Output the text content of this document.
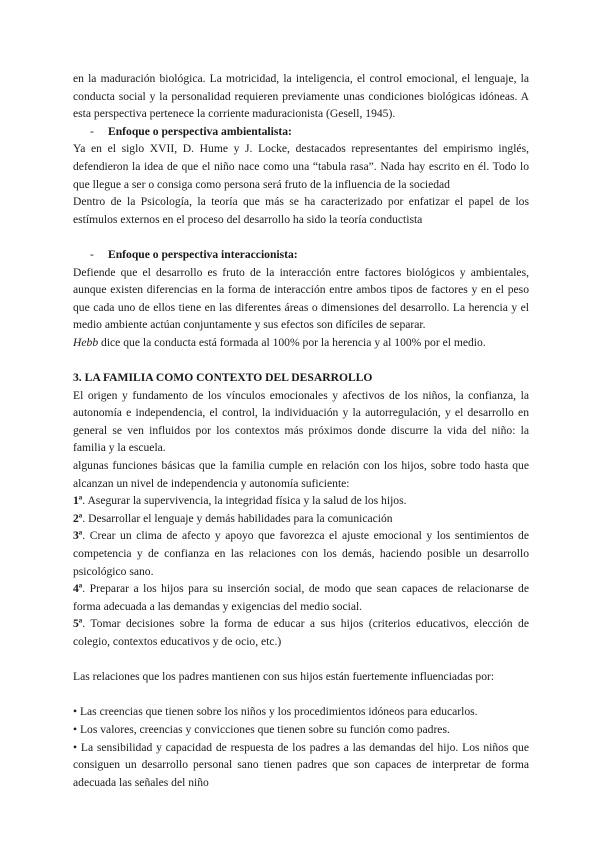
en la maduración biológica. La motricidad, la inteligencia, el control emocional, el lenguaje, la conducta social y la personalidad requieren previamente unas condiciones biológicas idóneas. A esta perspectiva pertenece la corriente maduracionista (Gesell, 1945).

- Enfoque o perspectiva ambientalista:

Ya en el siglo XVII, D. Hume y J. Locke, destacados representantes del empirismo inglés, defendieron la idea de que el niño nace como una “tabula rasa”. Nada hay escrito en él. Todo lo que llegue a ser o consiga como persona será fruto de la influencia de la sociedad

Dentro de la Psicología, la teoría que más se ha caracterizado por enfatizar el papel de los estímulos externos en el proceso del desarrollo ha sido la teoría conductista

- Enfoque o perspectiva interaccionista:

Defiende que el desarrollo es fruto de la interacción entre factores biológicos y ambientales, aunque existen diferencias en la forma de interacción entre ambos tipos de factores y en el peso que cada uno de ellos tiene en las diferentes áreas o dimensiones del desarrollo. La herencia y el medio ambiente actúan conjuntamente y sus efectos son difíciles de separar.

Hebb dice que la conducta está formada al 100% por la herencia y al 100% por el medio.

3. LA FAMILIA COMO CONTEXTO DEL DESARROLLO

El origen y fundamento de los vínculos emocionales y afectivos de los niños, la confianza, la autonomía e independencia, el control, la individuación y la autorregulación, y el desarrollo en general se ven influidos por los contextos más próximos donde discurre la vida del niño: la familia y la escuela.

algunas funciones básicas que la familia cumple en relación con los hijos, sobre todo hasta que alcanzan un nivel de independencia y autonomía suficiente:

1ª. Asegurar la supervivencia, la integridad física y la salud de los hijos.

2ª. Desarrollar el lenguaje y demás habilidades para la comunicación

3ª. Crear un clima de afecto y apoyo que favorezca el ajuste emocional y los sentimientos de competencia y de confianza en las relaciones con los demás, haciendo posible un desarrollo psicológico sano.

4ª. Preparar a los hijos para su inserción social, de modo que sean capaces de relacionarse de forma adecuada a las demandas y exigencias del medio social.

5ª. Tomar decisiones sobre la forma de educar a sus hijos (criterios educativos, elección de colegio, contextos educativos y de ocio, etc.)

Las relaciones que los padres mantienen con sus hijos están fuertemente influenciadas por:

• Las creencias que tienen sobre los niños y los procedimientos idóneos para educarlos.

• Los valores, creencias y convicciones que tienen sobre su función como padres.

• La sensibilidad y capacidad de respuesta de los padres a las demandas del hijo. Los niños que consiguen un desarrollo personal sano tienen padres que son capaces de interpretar de forma adecuada las señales del niño
